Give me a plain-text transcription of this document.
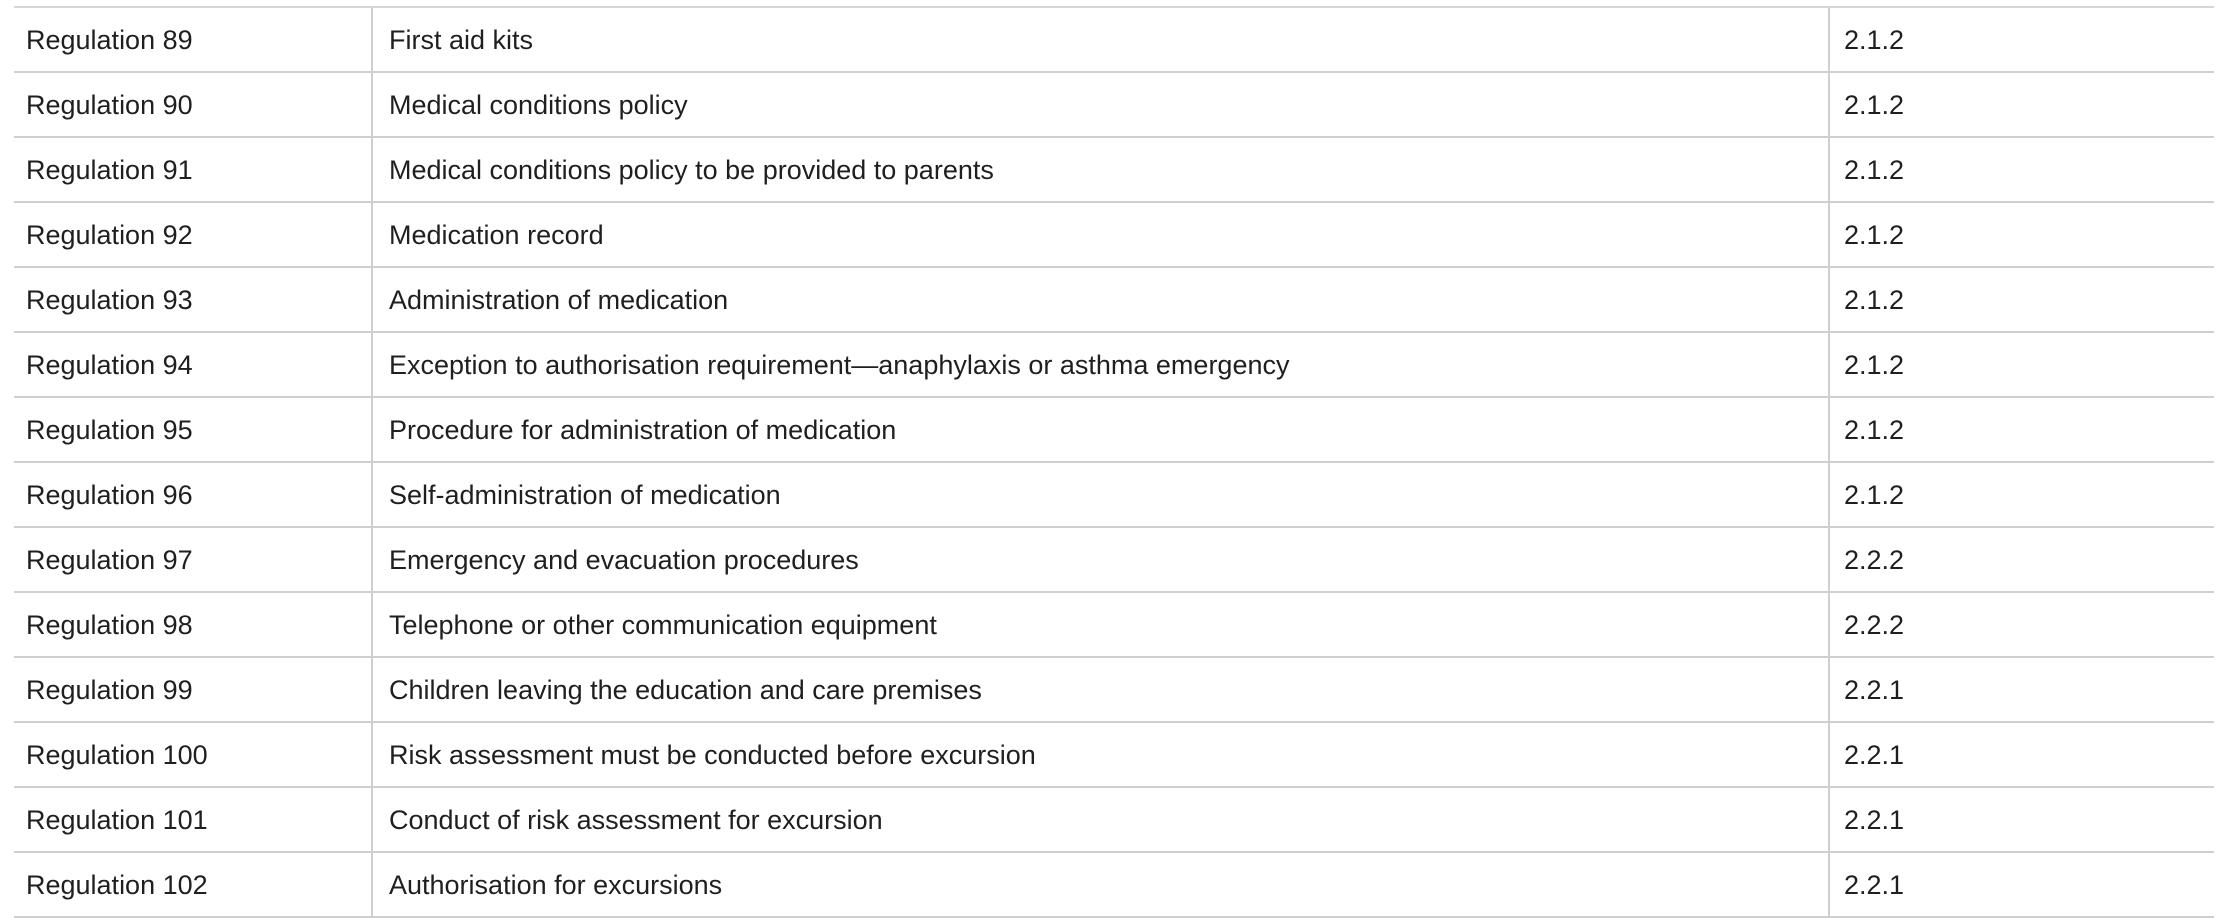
Regulation 89	First aid kits	2.1.2
Regulation 90	Medical conditions policy	2.1.2
Regulation 91	Medical conditions policy to be provided to parents	2.1.2
Regulation 92	Medication record	2.1.2
Regulation 93	Administration of medication	2.1.2
Regulation 94	Exception to authorisation requirement—anaphylaxis or asthma emergency	2.1.2
Regulation 95	Procedure for administration of medication	2.1.2
Regulation 96	Self-administration of medication	2.1.2
Regulation 97	Emergency and evacuation procedures	2.2.2
Regulation 98	Telephone or other communication equipment	2.2.2
Regulation 99	Children leaving the education and care premises	2.2.1
Regulation 100	Risk assessment must be conducted before excursion	2.2.1
Regulation 101	Conduct of risk assessment for excursion	2.2.1
Regulation 102	Authorisation for excursions	2.2.1
